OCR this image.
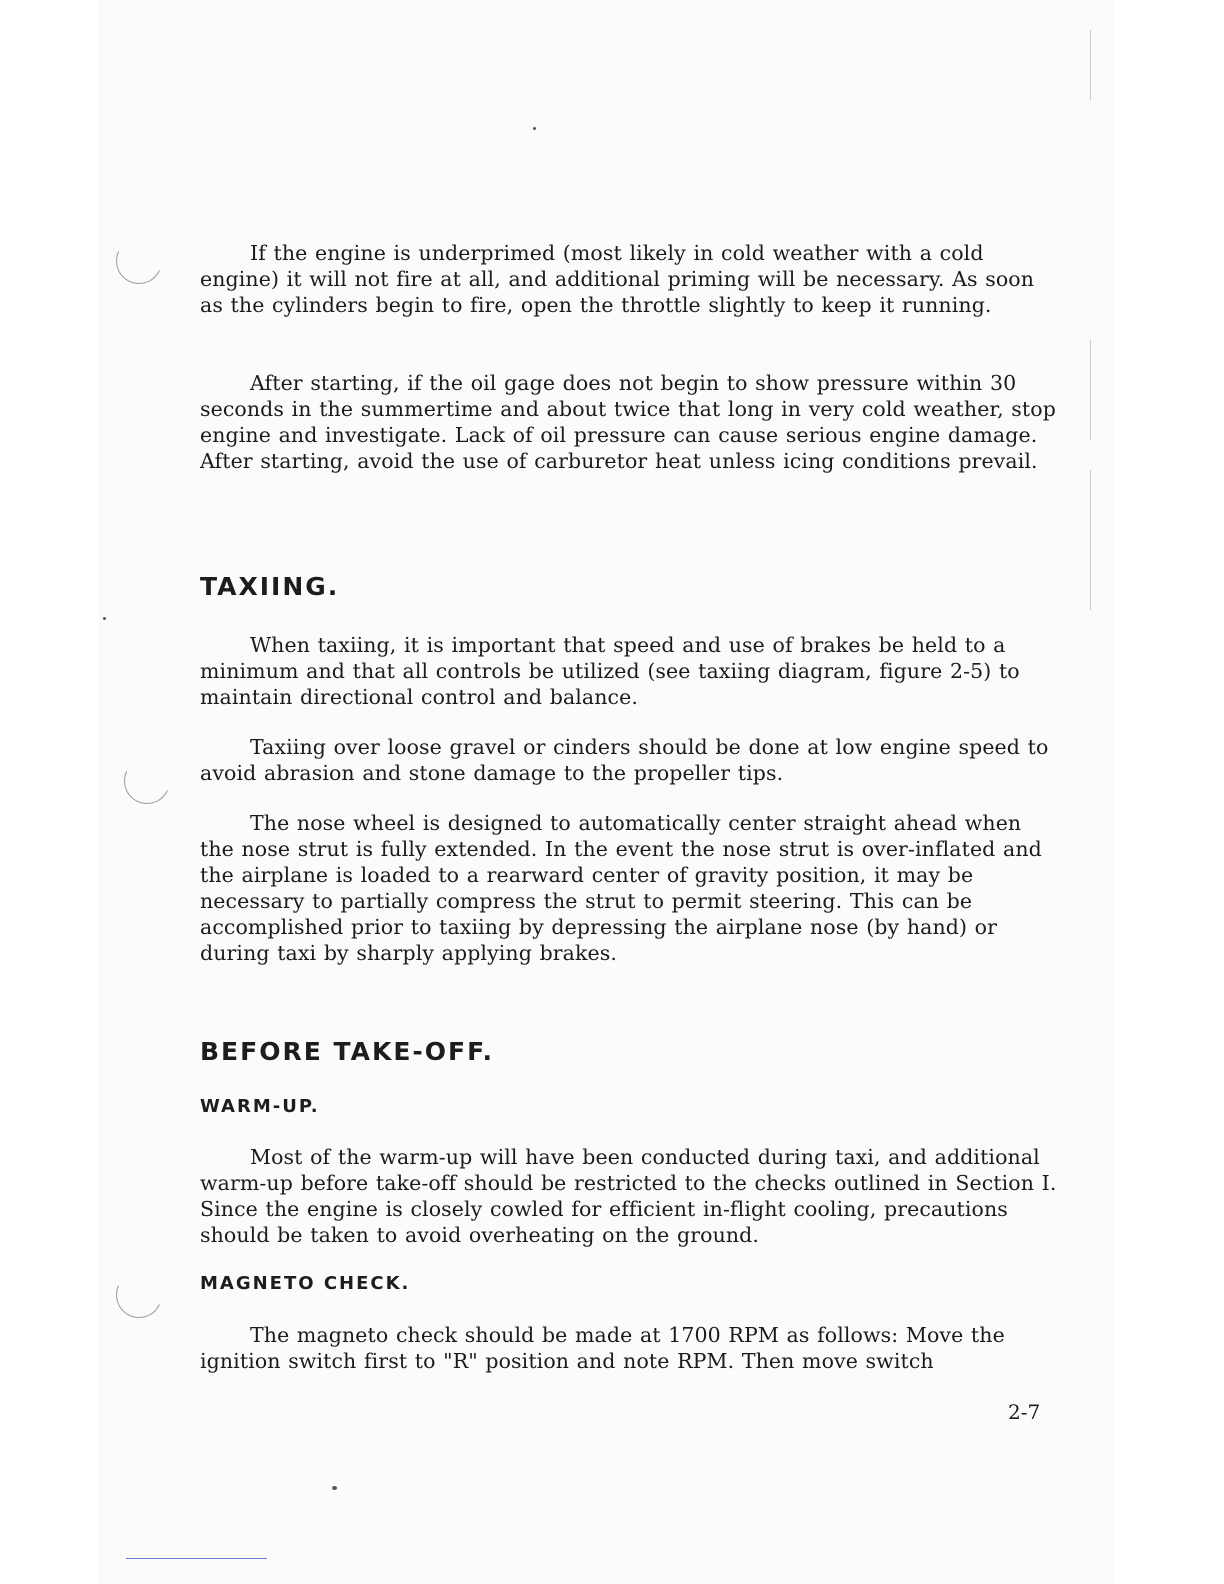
If the engine is underprimed (most likely in cold weather with a cold engine) it will not fire at all, and additional priming will be necessary. As soon as the cylinders begin to fire, open the throttle slightly to keep it running.

After starting, if the oil gage does not begin to show pressure within 30 seconds in the summertime and about twice that long in very cold weather, stop engine and investigate. Lack of oil pressure can cause serious engine damage. After starting, avoid the use of carburetor heat unless icing conditions prevail.

TAXIING.

When taxiing, it is important that speed and use of brakes be held to a minimum and that all controls be utilized (see taxiing diagram, figure 2-5) to maintain directional control and balance.

Taxiing over loose gravel or cinders should be done at low engine speed to avoid abrasion and stone damage to the propeller tips.

The nose wheel is designed to automatically center straight ahead when the nose strut is fully extended. In the event the nose strut is over-inflated and the airplane is loaded to a rearward center of gravity position, it may be necessary to partially compress the strut to permit steering. This can be accomplished prior to taxiing by depressing the airplane nose (by hand) or during taxi by sharply applying brakes.

BEFORE TAKE-OFF.
WARM-UP.

Most of the warm-up will have been conducted during taxi, and additional warm-up before take-off should be restricted to the checks outlined in Section I. Since the engine is closely cowled for efficient in-flight cooling, precautions should be taken to avoid overheating on the ground.

MAGNETO CHECK.

The magneto check should be made at 1700 RPM as follows: Move the ignition switch first to "R" position and note RPM. Then move switch

2-7
